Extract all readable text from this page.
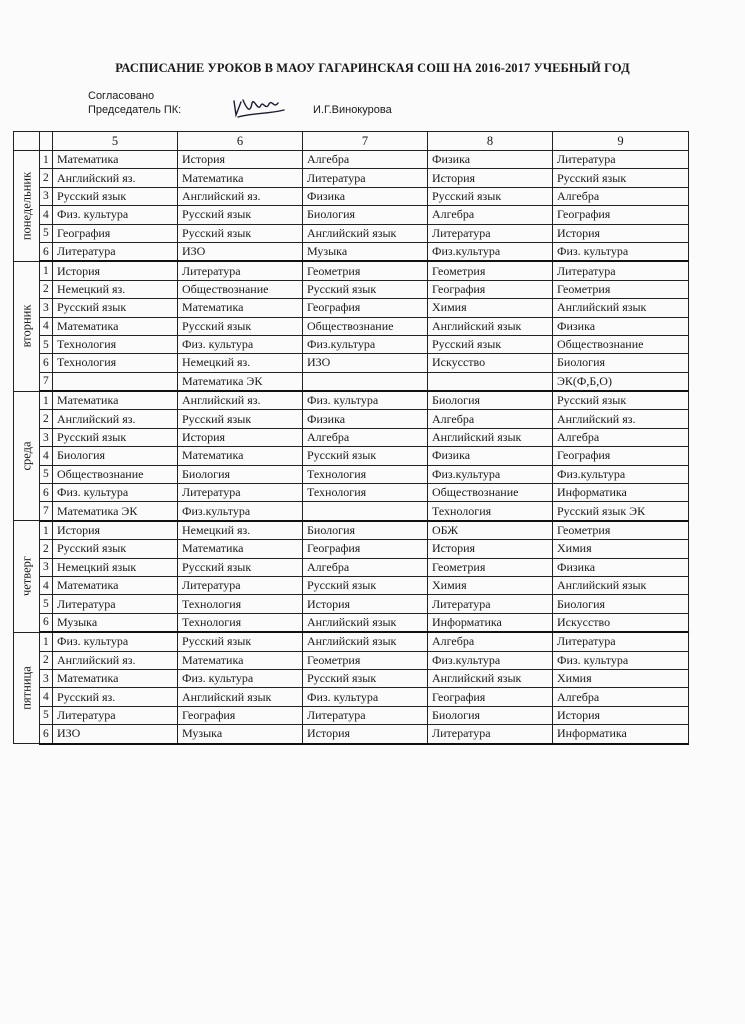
РАСПИСАНИЕ УРОКОВ В МАОУ ГАГАРИНСКАЯ СОШ НА 2016-2017 УЧЕБНЫЙ ГОД
Согласовано
Председатель ПК:	И.Г.Винокурова
		5	6	7	8	9

понедельник	1	Математика	История	Алгебра	Физика	Литература
	2	Английский яз.	Математика	Литература	История	Русский язык
	3	Русский язык	Английский яз.	Физика	Русский язык	Алгебра
	4	Физ. культура	Русский язык	Биология	Алгебра	География
	5	География	Русский язык	Английский язык	Литература	История
	6	Литература	ИЗО	Музыка	Физ.культура	Физ. культура

вторник	1	История	Литература	Геометрия	Геометрия	Литература
	2	Немецкий яз.	Обществознание	Русский язык	География	Геометрия
	3	Русский язык	Математика	География	Химия	Английский язык
	4	Математика	Русский язык	Обществознание	Английский язык	Физика
	5	Технология	Физ. культура	Физ.культура	Русский язык	Обществознание
	6	Технология	Немецкий яз.	ИЗО	Искусство	Биология
	7		Математика ЭК			ЭК(Ф,Б,О)

среда	1	Математика	Английский яз.	Физ. культура	Биология	Русский язык
	2	Английский яз.	Русский язык	Физика	Алгебра	Английский яз.
	3	Русский язык	История	Алгебра	Английский язык	Алгебра
	4	Биология	Математика	Русский язык	Физика	География
	5	Обществознание	Биология	Технология	Физ.культура	Физ.культура
	6	Физ. культура	Литература	Технология	Обществознание	Информатика
	7	Математика ЭК	Физ.культура		Технология	Русский язык ЭК

четверг	1	История	Немецкий яз.	Биология	ОБЖ	Геометрия
	2	Русский язык	Математика	География	История	Химия
	3	Немецкий язык	Русский язык	Алгебра	Геометрия	Физика
	4	Математика	Литература	Русский язык	Химия	Английский язык
	5	Литература	Технология	История	Литература	Биология
	6	Музыка	Технология	Английский язык	Информатика	Искусство

пятница	1	Физ. культура	Русский язык	Английский язык	Алгебра	Литература
	2	Английский яз.	Математика	Геометрия	Физ.культура	Физ. культура
	3	Математика	Физ. культура	Русский язык	Английский язык	Химия
	4	Русский яз.	Английский язык	Физ. культура	География	Алгебра
	5	Литература	География	Литература	Биология	История
	6	ИЗО	Музыка	История	Литература	Информатика
